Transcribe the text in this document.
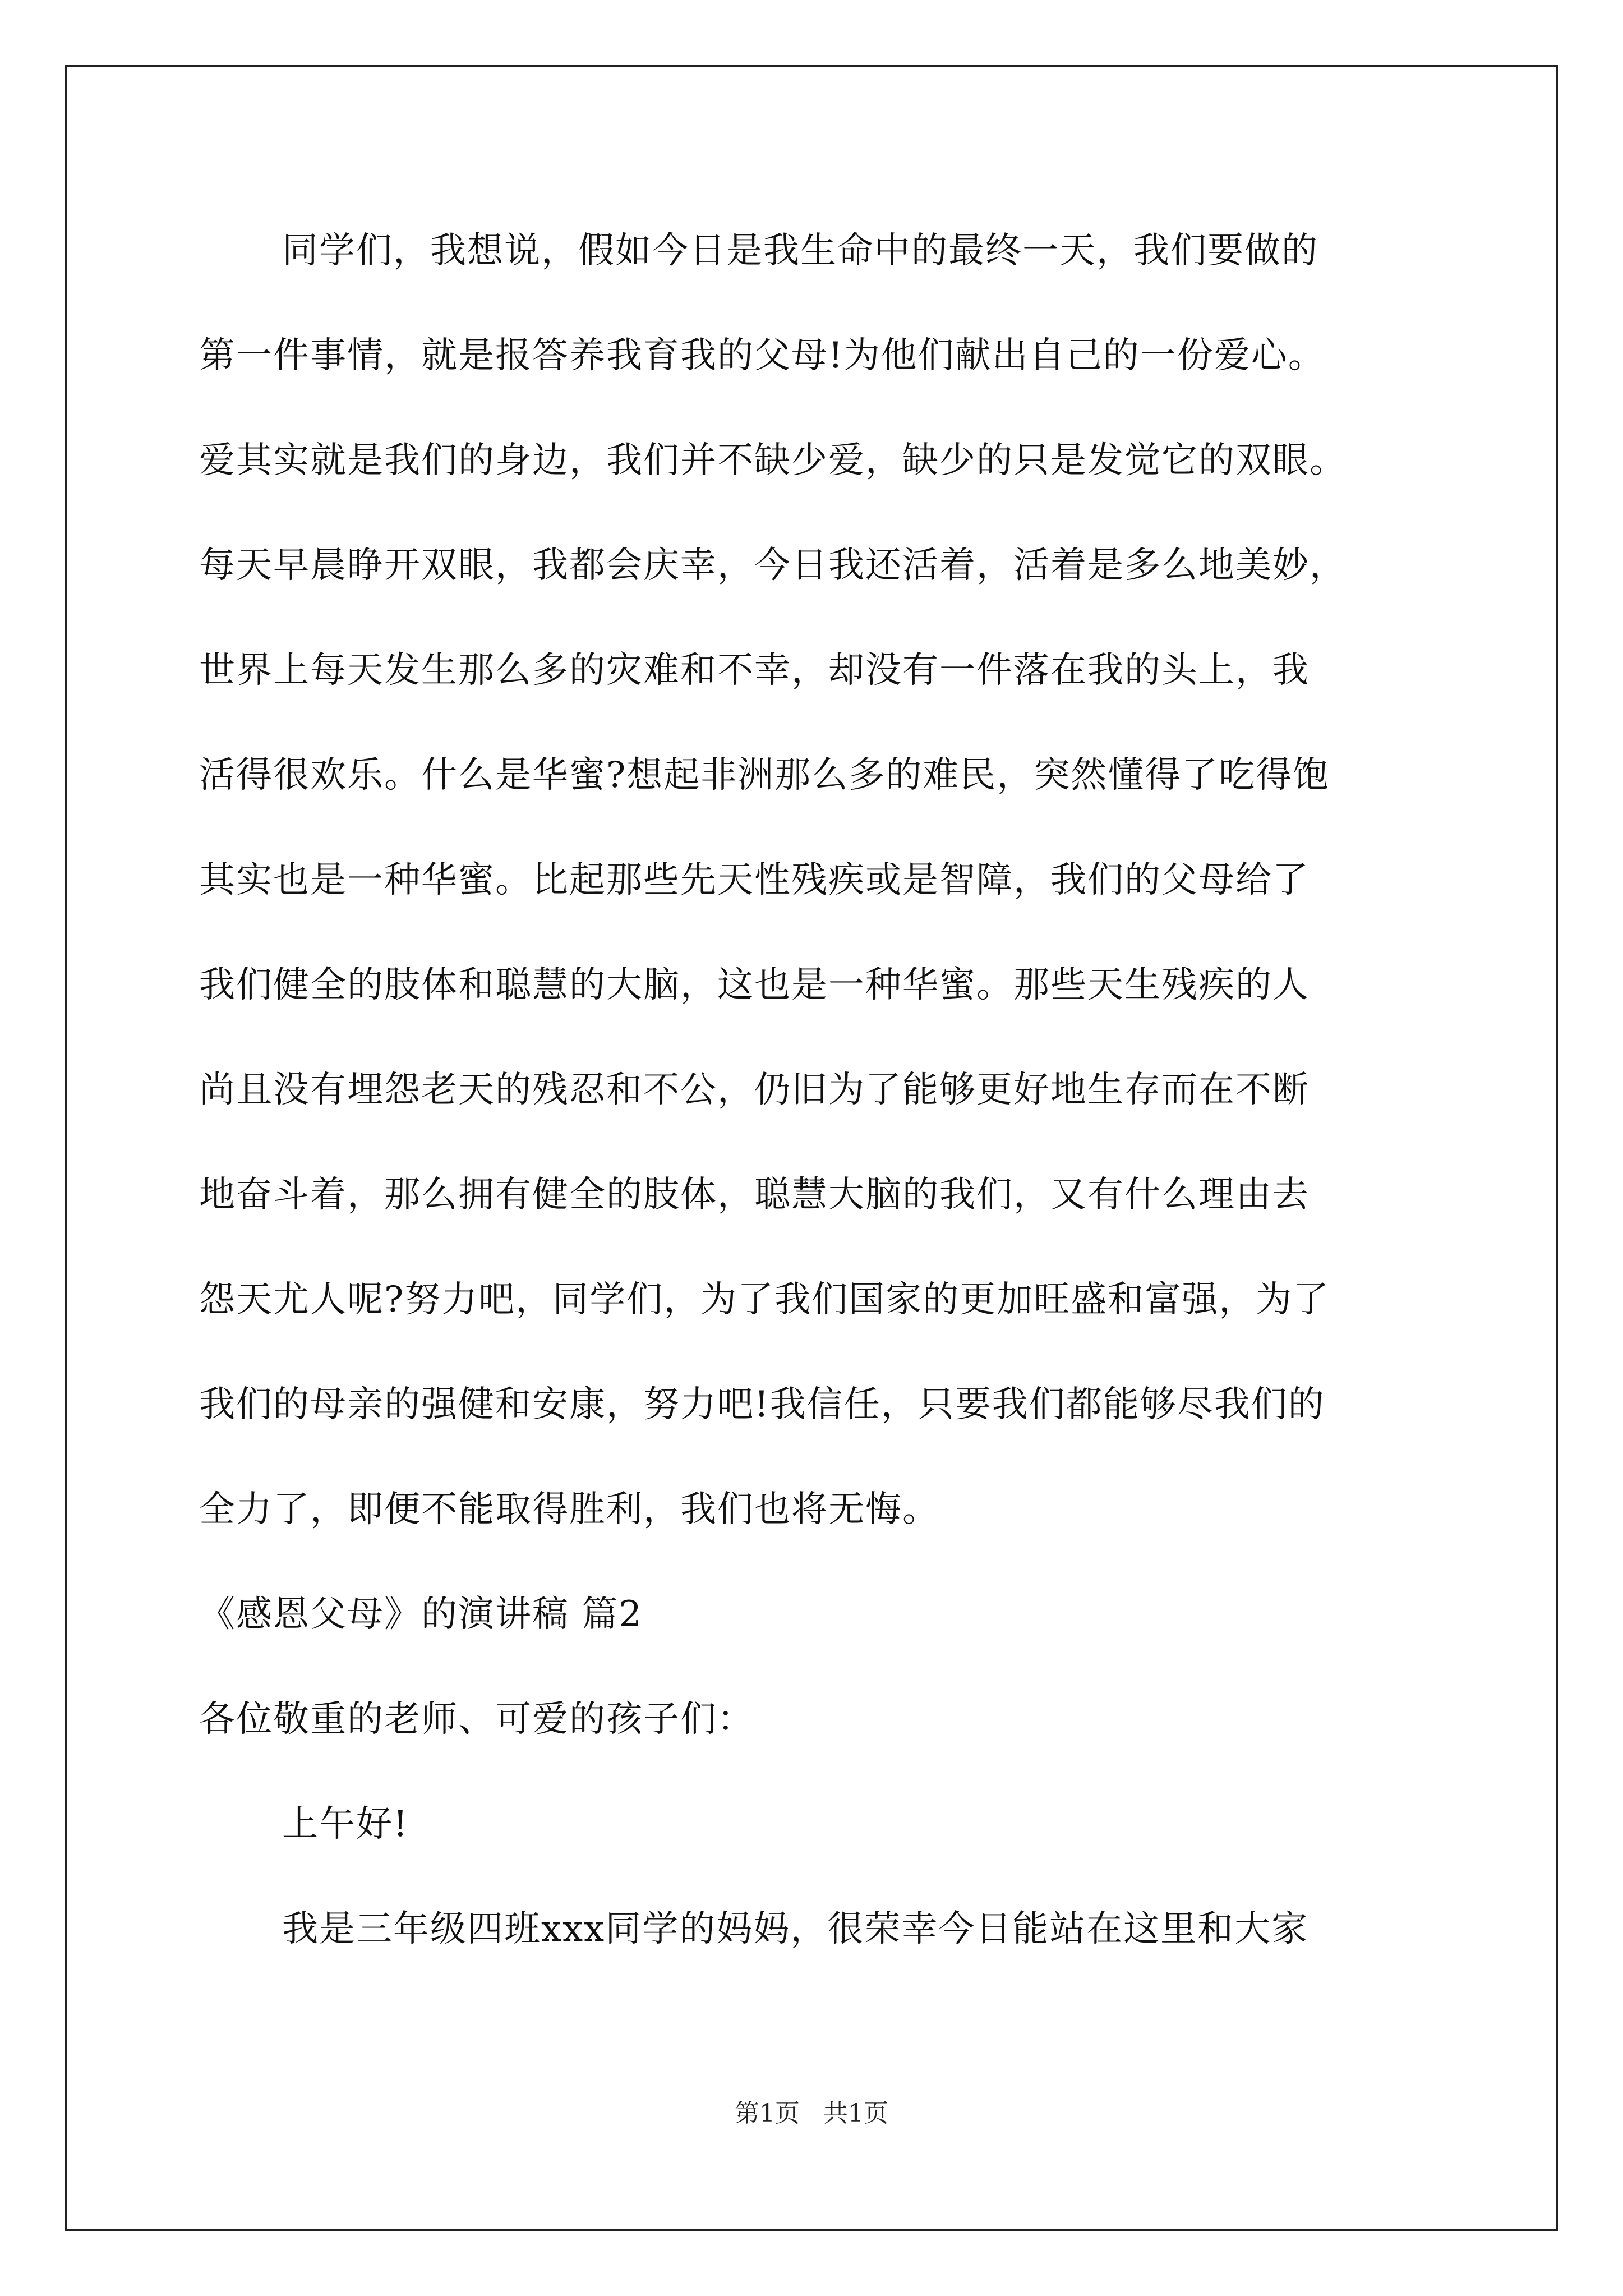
同学们，我想说，假如今日是我生命中的最终一天，我们要做的
第一件事情，就是报答养我育我的父母!为他们献出自己的一份爱心。
爱其实就是我们的身边，我们并不缺少爱，缺少的只是发觉它的双眼。
每天早晨睁开双眼，我都会庆幸，今日我还活着，活着是多么地美妙，
世界上每天发生那么多的灾难和不幸，却没有一件落在我的头上，我
活得很欢乐。什么是华蜜?想起非洲那么多的难民，突然懂得了吃得饱
其实也是一种华蜜。比起那些先天性残疾或是智障，我们的父母给了
我们健全的肢体和聪慧的大脑，这也是一种华蜜。那些天生残疾的人
尚且没有埋怨老天的残忍和不公，仍旧为了能够更好地生存而在不断
地奋斗着，那么拥有健全的肢体，聪慧大脑的我们，又有什么理由去
怨天尤人呢?努力吧，同学们，为了我们国家的更加旺盛和富强，为了
我们的母亲的强健和安康，努力吧!我信任，只要我们都能够尽我们的
全力了，即便不能取得胜利，我们也将无悔。
《感恩父母》的演讲稿 篇2
各位敬重的老师、可爱的孩子们：
上午好!
我是三年级四班xxx同学的妈妈，很荣幸今日能站在这里和大家
第1页 共1页
